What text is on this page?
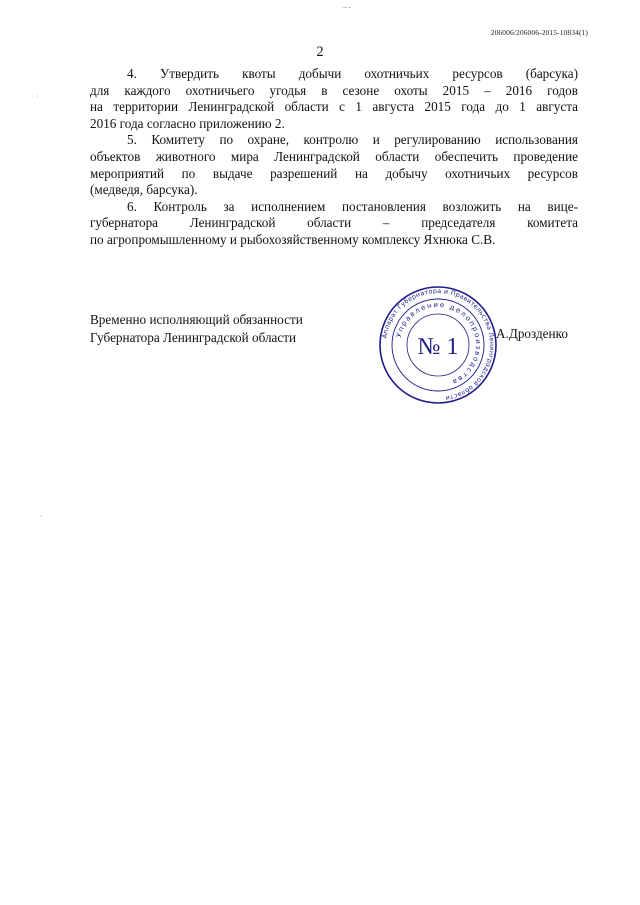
˙˜ ˜
206006/206006-2015-10834(1)
2
4. Утвердить квоты добычи охотничьих ресурсов (барсука)
для каждого охотничьего угодья в сезоне охоты 2015 – 2016 годов
на территории Ленинградской области с 1 августа 2015 года до 1 августа
2016 года согласно приложению 2.
5. Комитету по охране, контролю и регулированию использования
объектов животного мира Ленинградской области обеспечить проведение
мероприятий по выдаче разрешений на добычу охотничьих ресурсов
(медведя, барсука).
6. Контроль за исполнением постановления возложить на вице-
губернатора Ленинградской области – председателя комитета
по агропромышленному и рыбохозяйственному комплексу Яхнюка С.В.
Временно исполняющий обязанности
Губернатора Ленинградской области	Аппарат Губернатора и Правительства Ленинградской области
Управление делопроизводства
№ 1
А.Дрозденко
·
·
